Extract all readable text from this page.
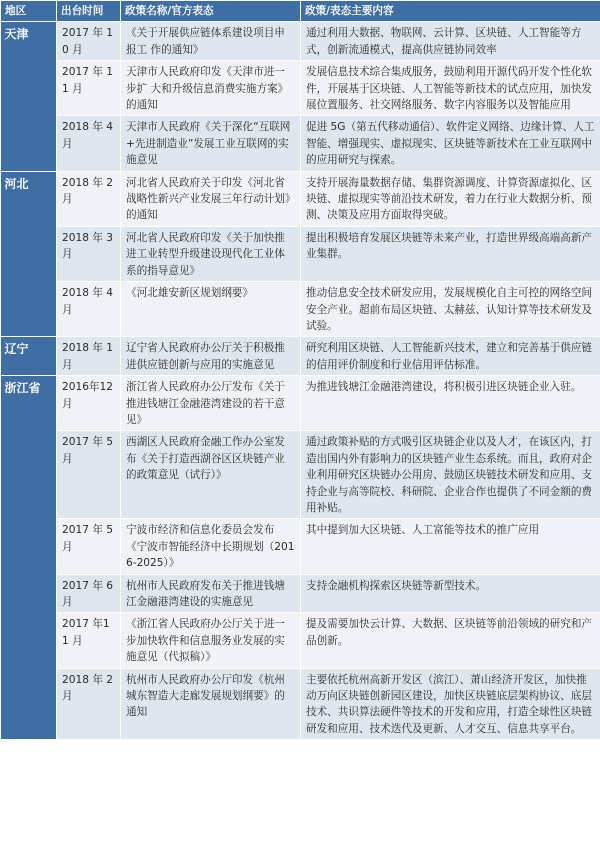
地区	出台时间	政策名称/官方表态	政策/表态主要内容
天津	2017 年 10 月	《关于开展供应链体系建设项目申报工 作的通知》	通过利用大数据、物联网、云计算、区块链、人工智能等方式，创新流通模式，提高供应链协同效率
	2017 年 11 月	天津市人民政府印发《天津市进一步扩 大和升级信息消费实施方案》的通知	发展信息技术综合集成服务，鼓励利用开源代码开发个性化软件，开展基于区块链、人工智能等新技术的试点应用，加快发展位置服务、社交网络服务、数字内容服务以及智能应用
	2018 年 4 月	天津市人民政府《关于深化“互联网+先进制造业”发展工业互联网的实施意见	促进 5G（第五代移动通信）、软件定义网络、边缘计算、人工智能、增强现实、虚拟现实、区块链等新技术在工业互联网中的应用研究与探索。
河北	2018 年 2 月	河北省人民政府关于印发《河北省战略性新兴产业发展三年行动计划》的通知	支持开展海量数据存储、集群资源调度、计算资源虚拟化、区块链、虚拟现实等前沿技术研发，着力在行业大数据分析、预测、决策及应用方面取得突破。
	2018 年 3 月	河北省人民政府印发《关于加快推进工业转型升级建设现代化工业体系的指导意见》	提出积极培育发展区块链等未来产业，打造世界级高端高新产业集群。
	2018 年 4 月	《河北雄安新区规划纲要》	推动信息安全技术研发应用，发展规模化自主可控的网络空间安全产业。超前布局区块链、太赫兹、认知计算等技术研发及试验。
辽宁	2018 年 1 月	辽宁省人民政府办公厅关于积极推进供应链创新与应用的实施意见	研究利用区块链、人工智能新兴技术，建立和完善基于供应链的信用评价制度和行业信用评估标准。
浙江省	2016年12 月	浙江省人民政府办公厅发布《关于推进钱塘江金融港湾建设的若干意见》	为推进钱塘江金融港湾建设，将积极引进区块链企业入驻。
	2017 年 5 月	西湖区人民政府金融工作办公室发布《关于打造西湖谷区区块链产业的政策意见（试行）》	通过政策补贴的方式吸引区块链企业以及人才，在该区内，打造出国内外有影响力的区块链产业生态系统。而且，政府对企业利用研究区块链办公用房、鼓励区块链技术研发和应用、支持企业与高等院校、科研院、企业合作也提供了不同金额的费用补贴。
	2017 年 5 月	宁波市经济和信息化委员会发布《宁波市智能经济中长期规划（2016-2025）》	其中提到加大区块链、人工富能等技术的推广应用
	2017 年 6 月	杭州市人民政府发布关于推进钱塘江金融港湾建设的实施意见	支持金融机构探索区块链等新型技术。
	2017 年11 月	《浙江省人民政府办公厅关于进一步加快软件和信息服务业发展的实施意见（代拟稿）》	提及需要加快云计算、大数据、区块链等前沿领域的研究和产品创新。
	2018 年 2 月	杭州市人民政府办公厅印发《杭州城东智造大走廊发展规划纲要》的通知	主要依托杭州高新开发区（滨江）、萧山经济开发区，加快推动万向区块链创新园区建设，加快区块链底层架构协议、底层技术、共识算法硬件等技术的开发和应用，打造全球性区块链研发和应用、技术迭代及更新、人才交互、信息共享平台。
